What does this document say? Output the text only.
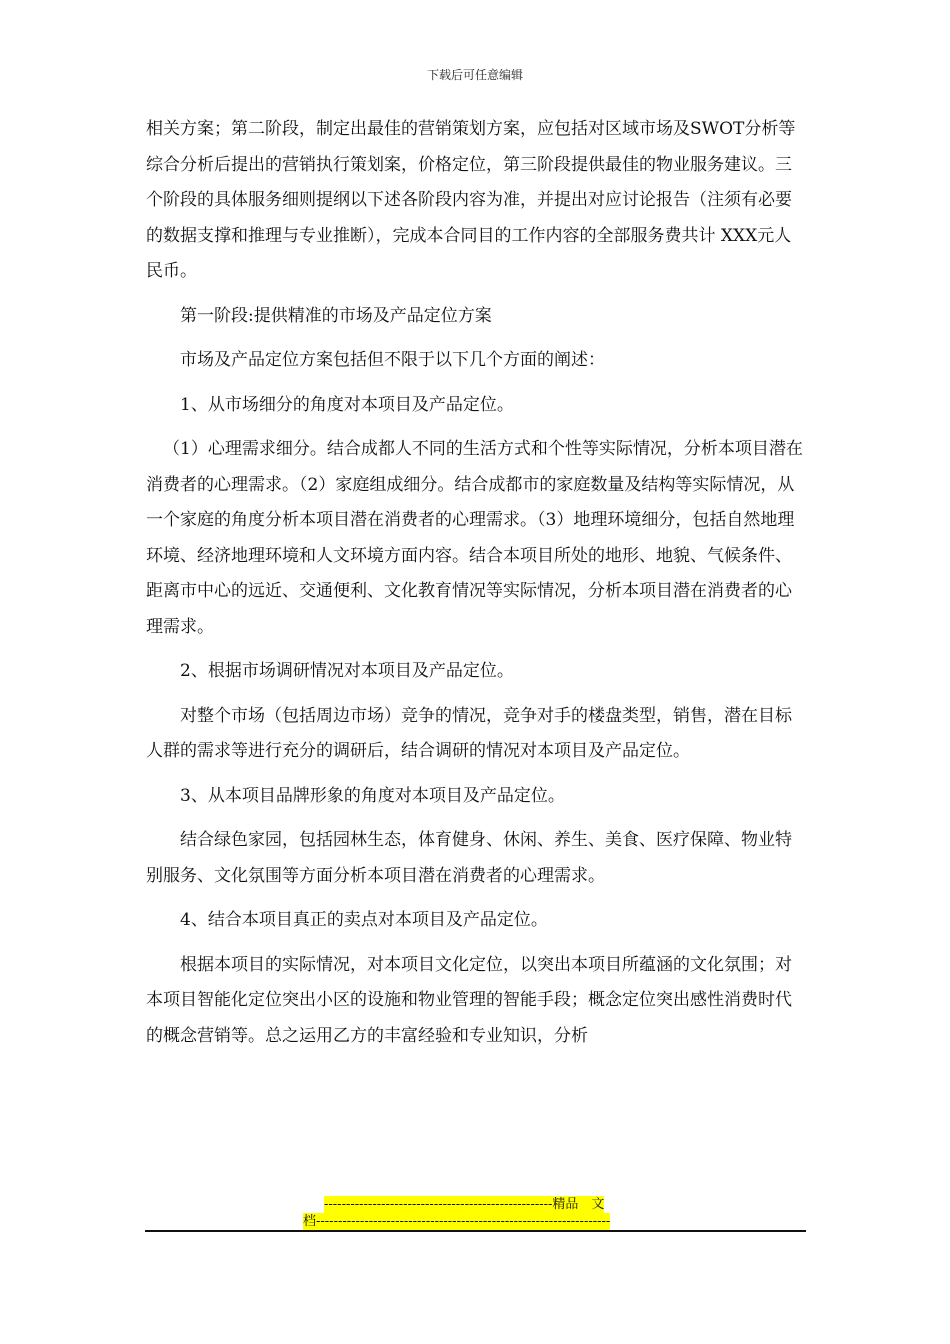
下载后可任意编辑

相关方案；第二阶段，制定出最佳的营销策划方案，应包括对区域市场及SWOT分析等综合分析后提出的营销执行策划案，价格定位，第三阶段提供最佳的物业服务建议。三个阶段的具体服务细则提纲以下述各阶段内容为准，并提出对应讨论报告（注须有必要的数据支撑和推理与专业推断），完成本合同目的工作内容的全部服务费共计 XXX元人民币。

第一阶段:提供精准的市场及产品定位方案

市场及产品定位方案包括但不限于以下几个方面的阐述：

1、从市场细分的角度对本项目及产品定位。

（1）心理需求细分。结合成都人不同的生活方式和个性等实际情况，分析本项目潜在消费者的心理需求。（2）家庭组成细分。结合成都市的家庭数量及结构等实际情况，从一个家庭的角度分析本项目潜在消费者的心理需求。（3）地理环境细分，包括自然地理环境、经济地理环境和人文环境方面内容。结合本项目所处的地形、地貌、气候条件、距离市中心的远近、交通便利、文化教育情况等实际情况，分析本项目潜在消费者的心理需求。

2、根据市场调研情况对本项目及产品定位。

对整个市场（包括周边市场）竞争的情况，竞争对手的楼盘类型，销售，潜在目标人群的需求等进行充分的调研后，结合调研的情况对本项目及产品定位。

3、从本项目品牌形象的角度对本项目及产品定位。

结合绿色家园，包括园林生态，体育健身、休闲、养生、美食、医疗保障、物业特别服务、文化氛围等方面分析本项目潜在消费者的心理需求。

4、结合本项目真正的卖点对本项目及产品定位。

根据本项目的实际情况，对本项目文化定位，以突出本项目所蕴涵的文化氛围；对本项目智能化定位突出小区的设施和物业管理的智能手段；概念定位突出感性消费时代的概念营销等。总之运用乙方的丰富经验和专业知识，分析

----------------------------------------------------精品　文
档-------------------------------------------------------------------
